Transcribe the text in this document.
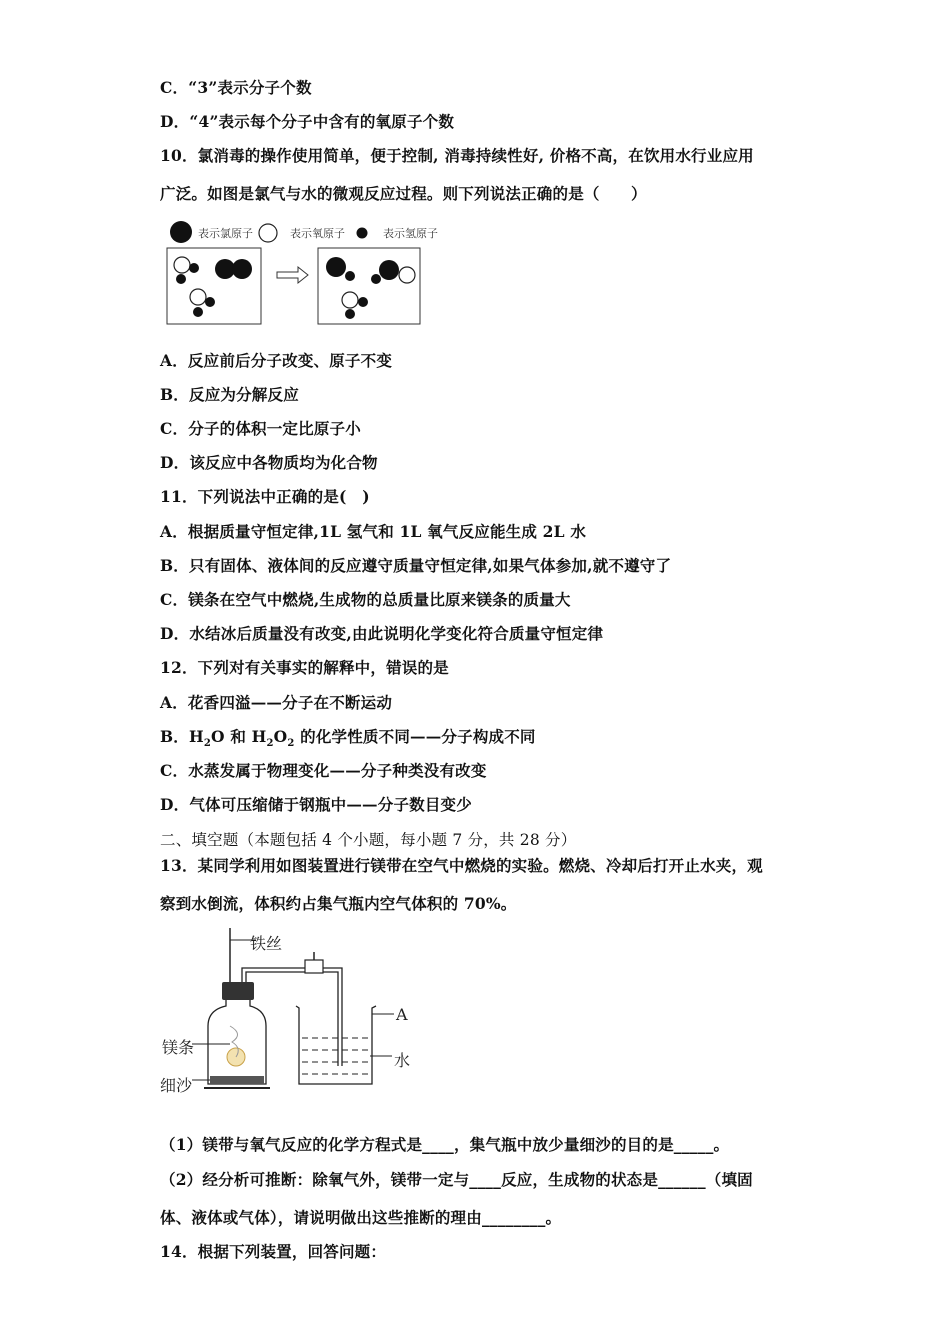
C．“3”表示分子个数
D．“4”表示每个分子中含有的氧原子个数
10．氯消毒的操作使用简单，便于控制, 消毒持续性好, 价格不高，在饮用水行业应用
广泛。如图是氯气与水的微观反应过程。则下列说法正确的是（　　）
表示氯原子	表示氧原子	表示氢原子
A．反应前后分子改变、原子不变
B．反应为分解反应
C．分子的体积一定比原子小
D．该反应中各物质均为化合物
11．下列说法中正确的是(　)
A．根据质量守恒定律,1L 氢气和 1L 氧气反应能生成 2L 水
B．只有固体、液体间的反应遵守质量守恒定律,如果气体参加,就不遵守了
C．镁条在空气中燃烧,生成物的总质量比原来镁条的质量大
D．水结冰后质量没有改变,由此说明化学变化符合质量守恒定律
12．下列对有关事实的解释中，错误的是
A．花香四溢——分子在不断运动
B．$H_2O$ 和 $H_2O_2$ 的化学性质不同——分子构成不同
C．水蒸发属于物理变化——分子种类没有改变
D．气体可压缩储于钢瓶中——分子数目变少
二、填空题（本题包括 4 个小题，每小题 7 分，共 28 分）
13．某同学利用如图装置进行镁带在空气中燃烧的实验。燃烧、冷却后打开止水夹，观
察到水倒流，体积约占集气瓶内空气体积的 70%。
铁丝
镁条
细沙
A
水
（1）镁带与氧气反应的化学方程式是____，集气瓶中放少量细沙的目的是_____。
（2）经分析可推断：除氧气外，镁带一定与____反应，生成物的状态是______（填固
体、液体或气体），请说明做出这些推断的理由________。
14．根据下列装置，回答问题：
